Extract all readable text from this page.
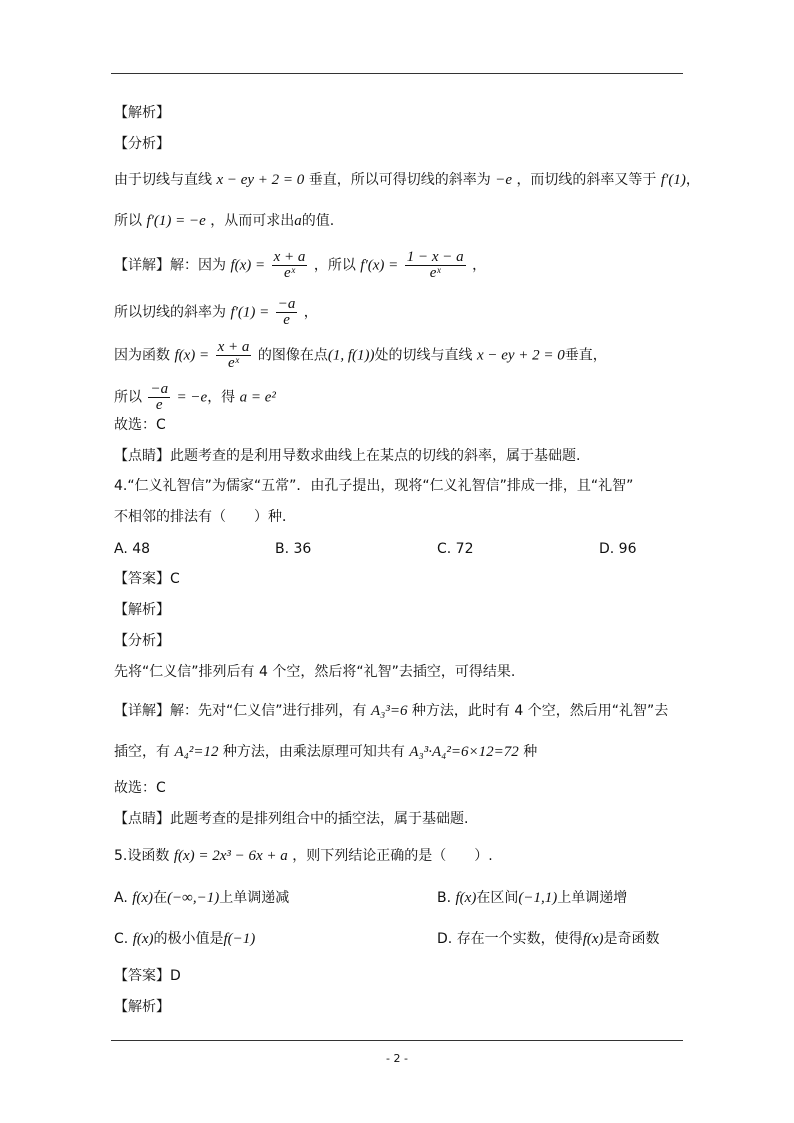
【解析】
【分析】
由于切线与直线 x − ey + 2 = 0 垂直，所以可得切线的斜率为 −e ，而切线的斜率又等于 f′(1)，
所以 f′(1) = −e ，从而可求出a的值.
【详解】解：因为 $f(x) = \frac{x + a}{\text{eˣ}}$ ，所以 $f'(x) = \frac{1 - x - a}{\text{eˣ}}$ ，
所以切线的斜率为 $f'(1) = \frac{-a}{e}$ ，
因为函数 $f(x) = \frac{x + a}{\text{eˣ}}$ 的图像在点(1, f(1))处的切线与直线 x − ey + 2 = 0垂直，
所以 $\frac{-a}{e} = -e$，得 a = e²
故选：C
【点睛】此题考查的是利用导数求曲线上在某点的切线的斜率，属于基础题.
4.“仁义礼智信”为儒家“五常”．由孔子提出，现将“仁义礼智信”排成一排，且“礼智”
不相邻的排法有（　　）种．
A. 48	B. 36	C. 72	D. 96
【答案】C
【解析】
【分析】
先将“仁义信”排列后有 4 个空，然后将“礼智”去插空，可得结果.
【详解】解：先对“仁义信”进行排列，有 A₃³=6 种方法，此时有 4 个空，然后用“礼智”去
插空，有 A₄²=12 种方法，由乘法原理可知共有 A₃³·A₄²=6×12=72 种
故选：C
【点睛】此题考查的是排列组合中的插空法，属于基础题.
5.设函数 f(x) = 2x³ − 6x + a ，则下列结论正确的是（　　）.
A. f(x)在(−∞,−1)上单调递减	B. f(x)在区间(−1,1)上单调递增
C. f(x)的极小值是f(−1)	D. 存在一个实数，使得f(x)是奇函数
【答案】D
【解析】
- 2 -
